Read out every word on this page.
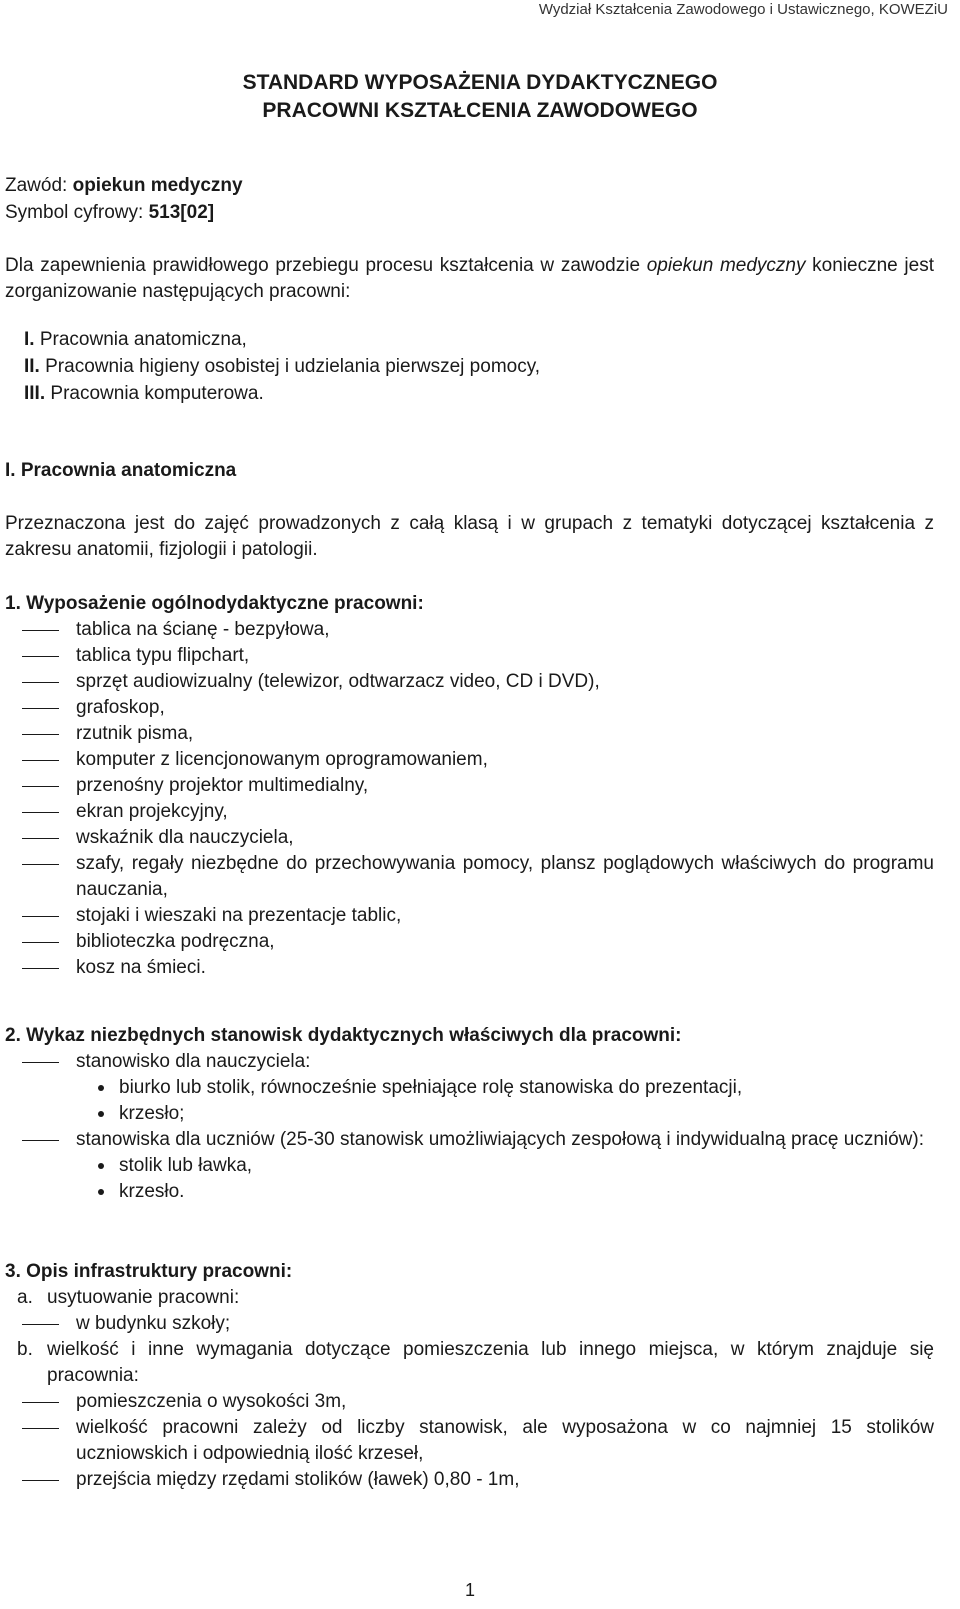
Wydział Kształcenia Zawodowego i Ustawicznego, KOWEZiU
STANDARD WYPOSAŻENIA DYDAKTYCZNEGO
PRACOWNI KSZTAŁCENIA ZAWODOWEGO
Zawód: opiekun medyczny
Symbol cyfrowy: 513[02]
Dla zapewnienia prawidłowego przebiegu procesu kształcenia w zawodzie opiekun medyczny konieczne jest zorganizowanie następujących pracowni:
I. Pracownia anatomiczna,
II. Pracownia higieny osobistej i udzielania pierwszej pomocy,
III. Pracownia komputerowa.
I. Pracownia anatomiczna
Przeznaczona jest do zajęć prowadzonych z całą klasą i w grupach z tematyki dotyczącej kształcenia z zakresu anatomii, fizjologii i patologii.
1. Wyposażenie ogólnodydaktyczne pracowni:
tablica na ścianę - bezpyłowa,
tablica typu flipchart,
sprzęt audiowizualny (telewizor, odtwarzacz video, CD i DVD),
grafoskop,
rzutnik pisma,
komputer z licencjonowanym oprogramowaniem,
przenośny projektor multimedialny,
ekran projekcyjny,
wskaźnik dla nauczyciela,
szafy, regały niezbędne do przechowywania pomocy, plansz poglądowych właściwych do programu nauczania,
stojaki i wieszaki na prezentacje tablic,
biblioteczka podręczna,
kosz na śmieci.
2. Wykaz niezbędnych stanowisk dydaktycznych właściwych dla pracowni:
stanowisko dla nauczyciela:
biurko lub stolik, równocześnie spełniające rolę stanowiska do prezentacji,
krzesło;
stanowiska dla uczniów (25-30 stanowisk umożliwiających zespołową i indywidualną pracę uczniów):
stolik lub ławka,
krzesło.
3. Opis infrastruktury pracowni:
a. usytuowanie pracowni:
w budynku szkoły;
b. wielkość i inne wymagania dotyczące pomieszczenia lub innego miejsca, w którym znajduje się pracownia:
pomieszczenia o wysokości 3m,
wielkość pracowni zależy od liczby stanowisk, ale wyposażona w co najmniej 15 stolików uczniowskich i odpowiednią ilość krzeseł,
przejścia między rzędami stolików (ławek) 0,80 - 1m,
1
